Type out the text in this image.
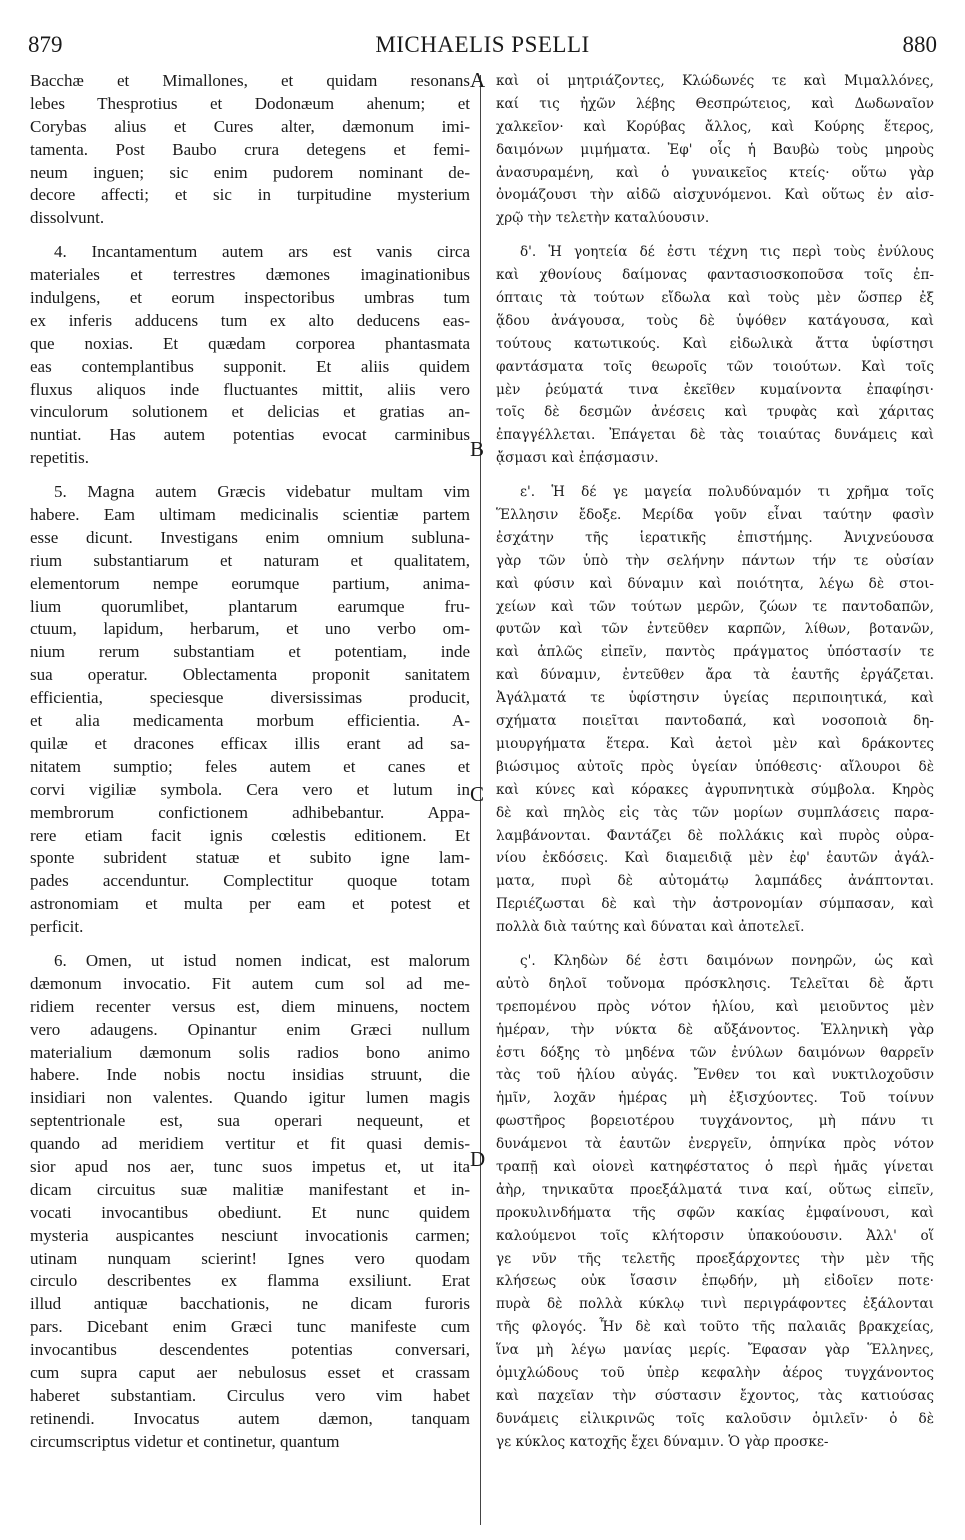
879	MICHAELIS PSELLI	880
A
B
C
D
Bacchæ et Mimallones, et quidam resonans
lebes Thesprotius et Dodonæum ahenum; et
Corybas alius et Cures alter, dæmonum imi-
tamenta. Post Baubo crura detegens et femi-
neum inguen; sic enim pudorem nominant de-
decore affecti; et sic in turpitudine mysterium
dissolvunt.
4. Incantamentum autem ars est vanis circa
materiales et terrestres dæmones imaginationibus
indulgens, et eorum inspectoribus umbras tum
ex inferis adducens tum ex alto deducens eas-
que noxias. Et quædam corporea phantasmata
eas contemplantibus supponit. Et aliis quidem
fluxus aliquos inde fluctuantes mittit, aliis vero
vinculorum solutionem et delicias et gratias an-
nuntiat. Has autem potentias evocat carminibus
repetitis.
5. Magna autem Græcis videbatur multam vim
habere. Eam ultimam medicinalis scientiæ partem
esse dicunt. Investigans enim omnium subluna-
rium substantiarum et naturam et qualitatem,
elementorum nempe eorumque partium, anima-
lium quorumlibet, plantarum earumque fru-
ctuum, lapidum, herbarum, et uno verbo om-
nium rerum substantiam et potentiam, inde
sua operatur. Oblectamenta proponit sanitatem
efficientia, speciesque diversissimas producit,
et alia medicamenta morbum efficientia. A-
quilæ et dracones efficax illis erant ad sa-
nitatem sumptio; feles autem et canes et
corvi vigiliæ symbola. Cera vero et lutum in
membrorum confictionem adhibebantur. Appa-
rere etiam facit ignis cœlestis editionem. Et
sponte subrident statuæ et subito igne lam-
pades accenduntur. Complectitur quoque totam
astronomiam et multa per eam et potest et
perficit.
6. Omen, ut istud nomen indicat, est malorum
dæmonum invocatio. Fit autem cum sol ad me-
ridiem recenter versus est, diem minuens, noctem
vero adaugens. Opinantur enim Græci nullum
materialium dæmonum solis radios bono animo
habere. Inde nobis noctu insidias struunt, die
insidiari non valentes. Quando igitur lumen magis
septentrionale est, sua operari nequeunt, et
quando ad meridiem vertitur et fit quasi demis-
sior apud nos aer, tunc suos impetus et, ut ita
dicam circuitus suæ malitiæ manifestant et in-
vocati invocantibus obediunt. Et nunc quidem
mysteria auspicantes nesciunt invocationis carmen;
utinam nunquam scierint! Ignes vero quodam
circulo describentes ex flamma exsiliunt. Erat
illud antiquæ bacchationis, ne dicam furoris
pars. Dicebant enim Græci tunc manifeste cum
invocantibus descendentes potentias conversari,
cum supra caput aer nebulosus esset et crassam
haberet substantiam. Circulus vero vim habet
retinendi. Invocatus autem dæmon, tanquam
circumscriptus videtur et continetur, quantum
καὶ οἱ μητριάζοντες, Κλώδωνές τε καὶ Μιμαλλόνες,
καί τις ἠχῶν λέβης Θεσπρώτειος, καὶ Δωδωναῖον
χαλκεῖον· καὶ Κορύβας ἄλλος, καὶ Κούρης ἕτερος,
δαιμόνων μιμήματα. Ἐφ' οἷς ἡ Βαυβὼ τοὺς μηροὺς
ἀνασυραμένη, καὶ ὁ γυναικεῖος κτείς· οὕτω γὰρ
ὀνομάζουσι τὴν αἰδῶ αἰσχυνόμενοι. Καὶ οὕτως ἐν αἰσ-
χρῷ τὴν τελετὴν καταλύουσιν.
δ'. Ἡ γοητεία δέ ἐστι τέχνη τις περὶ τοὺς ἐνύλους
καὶ χθονίους δαίμονας φαντασιοσκοποῦσα τοῖς ἐπ-
όπταις τὰ τούτων εἴδωλα καὶ τοὺς μὲν ὥσπερ ἐξ
ᾅδου ἀνάγουσα, τοὺς δὲ ὑψόθεν κατάγουσα, καὶ
τούτους κατωτικούς. Καὶ εἰδωλικὰ ἄττα ὑφίστησι
φαντάσματα τοῖς θεωροῖς τῶν τοιούτων. Καὶ τοῖς
μὲν ῥεύματά τινα ἐκεῖθεν κυμαίνοντα ἐπαφίησι·
τοῖς δὲ δεσμῶν ἀνέσεις καὶ τρυφὰς καὶ χάριτας
ἐπαγγέλλεται. Ἐπάγεται δὲ τὰς τοιαύτας δυνάμεις καὶ
ᾄσμασι καὶ ἐπᾴσμασιν.
ε'. Ἡ δέ γε μαγεία πολυδύναμόν τι χρῆμα τοῖς
Ἕλλησιν ἔδοξε. Μερίδα γοῦν εἶναι ταύτην φασὶν
ἐσχάτην τῆς ἱερατικῆς ἐπιστήμης. Ἀνιχνεύουσα
γὰρ τῶν ὑπὸ τὴν σελήνην πάντων τήν τε οὐσίαν
καὶ φύσιν καὶ δύναμιν καὶ ποιότητα, λέγω δὲ στοι-
χείων καὶ τῶν τούτων μερῶν, ζώων τε παντοδαπῶν,
φυτῶν καὶ τῶν ἐντεῦθεν καρπῶν, λίθων, βοτανῶν,
καὶ ἁπλῶς εἰπεῖν, παντὸς πράγματος ὑπόστασίν τε
καὶ δύναμιν, ἐντεῦθεν ἄρα τὰ ἑαυτῆς ἐργάζεται.
Ἀγάλματά τε ὑφίστησιν ὑγείας περιποιητικά, καὶ
σχήματα ποιεῖται παντοδαπά, καὶ νοσοποιὰ δη-
μιουργήματα ἕτερα. Καὶ ἀετοὶ μὲν καὶ δράκοντες
βιώσιμος αὐτοῖς πρὸς ὑγείαν ὑπόθεσις· αἴλουροι δὲ
καὶ κύνες καὶ κόρακες ἀγρυπνητικὰ σύμβολα. Κηρὸς
δὲ καὶ πηλὸς εἰς τὰς τῶν μορίων συμπλάσεις παρα-
λαμβάνονται. Φαντάζει δὲ πολλάκις καὶ πυρὸς οὐρα-
νίου ἐκδόσεις. Καὶ διαμειδιᾷ μὲν ἐφ' ἑαυτῶν ἀγάλ-
ματα, πυρὶ δὲ αὐτομάτῳ λαμπάδες ἀνάπτονται.
Περιέζωσται δὲ καὶ τὴν ἀστρονομίαν σύμπασαν, καὶ
πολλὰ διὰ ταύτης καὶ δύναται καὶ ἀποτελεῖ.
ς'. Κληδὼν δέ ἐστι δαιμόνων πονηρῶν, ὡς καὶ
αὐτὸ δηλοῖ τοὔνομα πρόσκλησις. Τελεῖται δὲ ἄρτι
τρεπομένου πρὸς νότον ἡλίου, καὶ μειοῦντος μὲν
ἡμέραν, τὴν νύκτα δὲ αὔξάνοντος. Ἑλληνικὴ γὰρ
ἐστι δόξης τὸ μηδένα τῶν ἐνύλων δαιμόνων θαρρεῖν
τὰς τοῦ ἡλίου αὐγάς. Ἔνθεν τοι καὶ νυκτιλοχοῦσιν
ἡμῖν, λοχᾶν ἡμέρας μὴ ἐξισχύοντες. Τοῦ τοίνυν
φωστῆρος βορειοτέρου τυγχάνοντος, μὴ πάνυ τι
δυνάμενοι τὰ ἑαυτῶν ἐνεργεῖν, ὁπηνίκα πρὸς νότον
τραπῇ καὶ οἱονεὶ κατηφέστατος ὁ περὶ ἡμᾶς γίνεται
ἀὴρ, τηνικαῦτα προεξάλματά τινα καί, οὕτως εἰπεῖν,
προκυλινδήματα τῆς σφῶν κακίας ἐμφαίνουσι, καὶ
καλούμενοι τοῖς κλήτορσιν ὑπακούουσιν. Ἀλλ' οἵ
γε νῦν τῆς τελετῆς προεξάρχοντες τὴν μὲν τῆς
κλήσεως οὐκ ἴσασιν ἐπῳδήν, μὴ εἰδοῖεν ποτε·
πυρὰ δὲ πολλὰ κύκλῳ τινὶ περιγράφοντες ἐξάλονται
τῆς φλογός. Ἦν δὲ καὶ τοῦτο τῆς παλαιᾶς βρακχείας,
ἵνα μὴ λέγω μανίας μερίς. Ἔφασαν γὰρ Ἕλληνες,
ὁμιχλώδους τοῦ ὑπὲρ κεφαλὴν ἀέρος τυγχάνοντος
καὶ παχεῖαν τὴν σύστασιν ἔχοντος, τὰς κατιούσας
δυνάμεις εἰλικρινῶς τοῖς καλοῦσιν ὁμιλεῖν· ὁ δὲ
γε κύκλος κατοχῆς ἔχει δύναμιν. Ὁ γὰρ προσκε-
